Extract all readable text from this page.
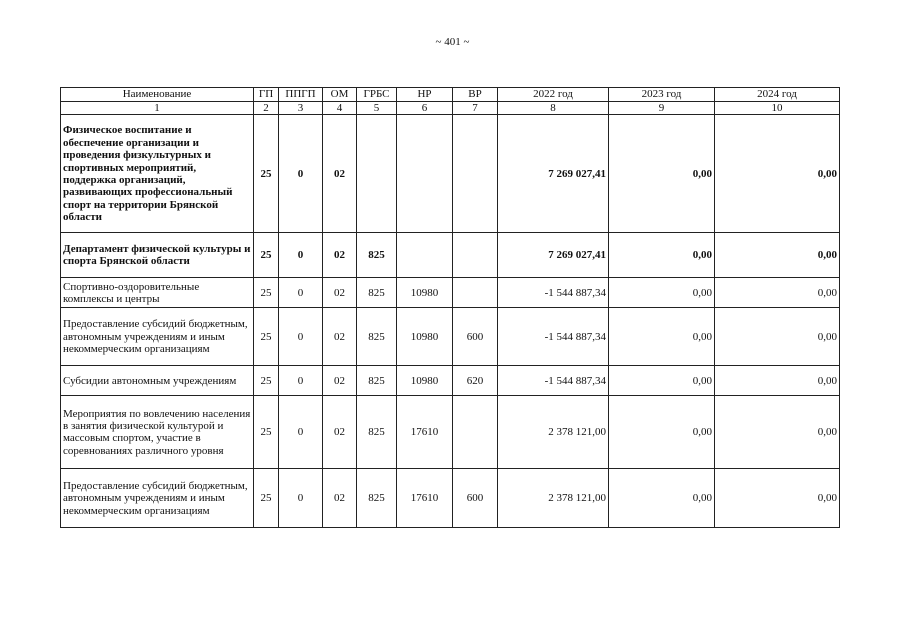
~ 401 ~
Наименование	ГП	ППГП	ОМ	ГРБС	НР	ВР	2022 год	2023 год	2024 год
1	2	3	4	5	6	7	8	9	10
Физическое воспитание и обеспечение организации и проведения физкультурных и спортивных мероприятий, поддержка организаций, развивающих профессиональный спорт на территории Брянской области	25	0	02				7 269 027,41	0,00	0,00
Департамент физической культуры и спорта Брянской области	25	0	02	825			7 269 027,41	0,00	0,00
Спортивно-оздоровительные комплексы и центры	25	0	02	825	10980		-1 544 887,34	0,00	0,00
Предоставление субсидий бюджетным, автономным учреждениям и иным некоммерческим организациям	25	0	02	825	10980	600	-1 544 887,34	0,00	0,00
Субсидии автономным учреждениям	25	0	02	825	10980	620	-1 544 887,34	0,00	0,00
Мероприятия по вовлечению населения в занятия физической культурой и массовым спортом, участие в соревнованиях различного уровня	25	0	02	825	17610		2 378 121,00	0,00	0,00
Предоставление субсидий бюджетным, автономным учреждениям и иным некоммерческим организациям	25	0	02	825	17610	600	2 378 121,00	0,00	0,00
